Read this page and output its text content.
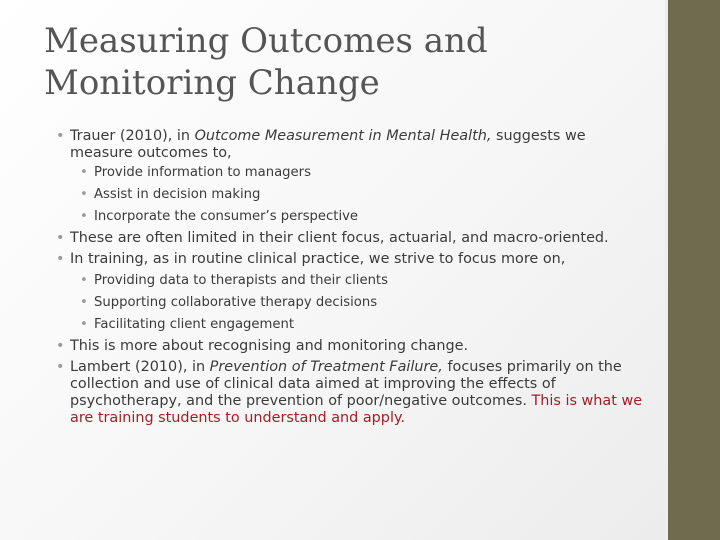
Measuring Outcomes and
Monitoring Change
• Trauer (2010), in Outcome Measurement in Mental Health, suggests we measure outcomes to,
• Provide information to managers
• Assist in decision making
• Incorporate the consumer’s perspective
• These are often limited in their client focus, actuarial, and macro-oriented.
• In training, as in routine clinical practice, we strive to focus more on,
• Providing data to therapists and their clients
• Supporting collaborative therapy decisions
• Facilitating client engagement
• This is more about recognising and monitoring change.
• Lambert (2010), in Prevention of Treatment Failure, focuses primarily on the collection and use of clinical data aimed at improving the effects of psychotherapy, and the prevention of poor/negative outcomes. This is what we are training students to understand and apply.
